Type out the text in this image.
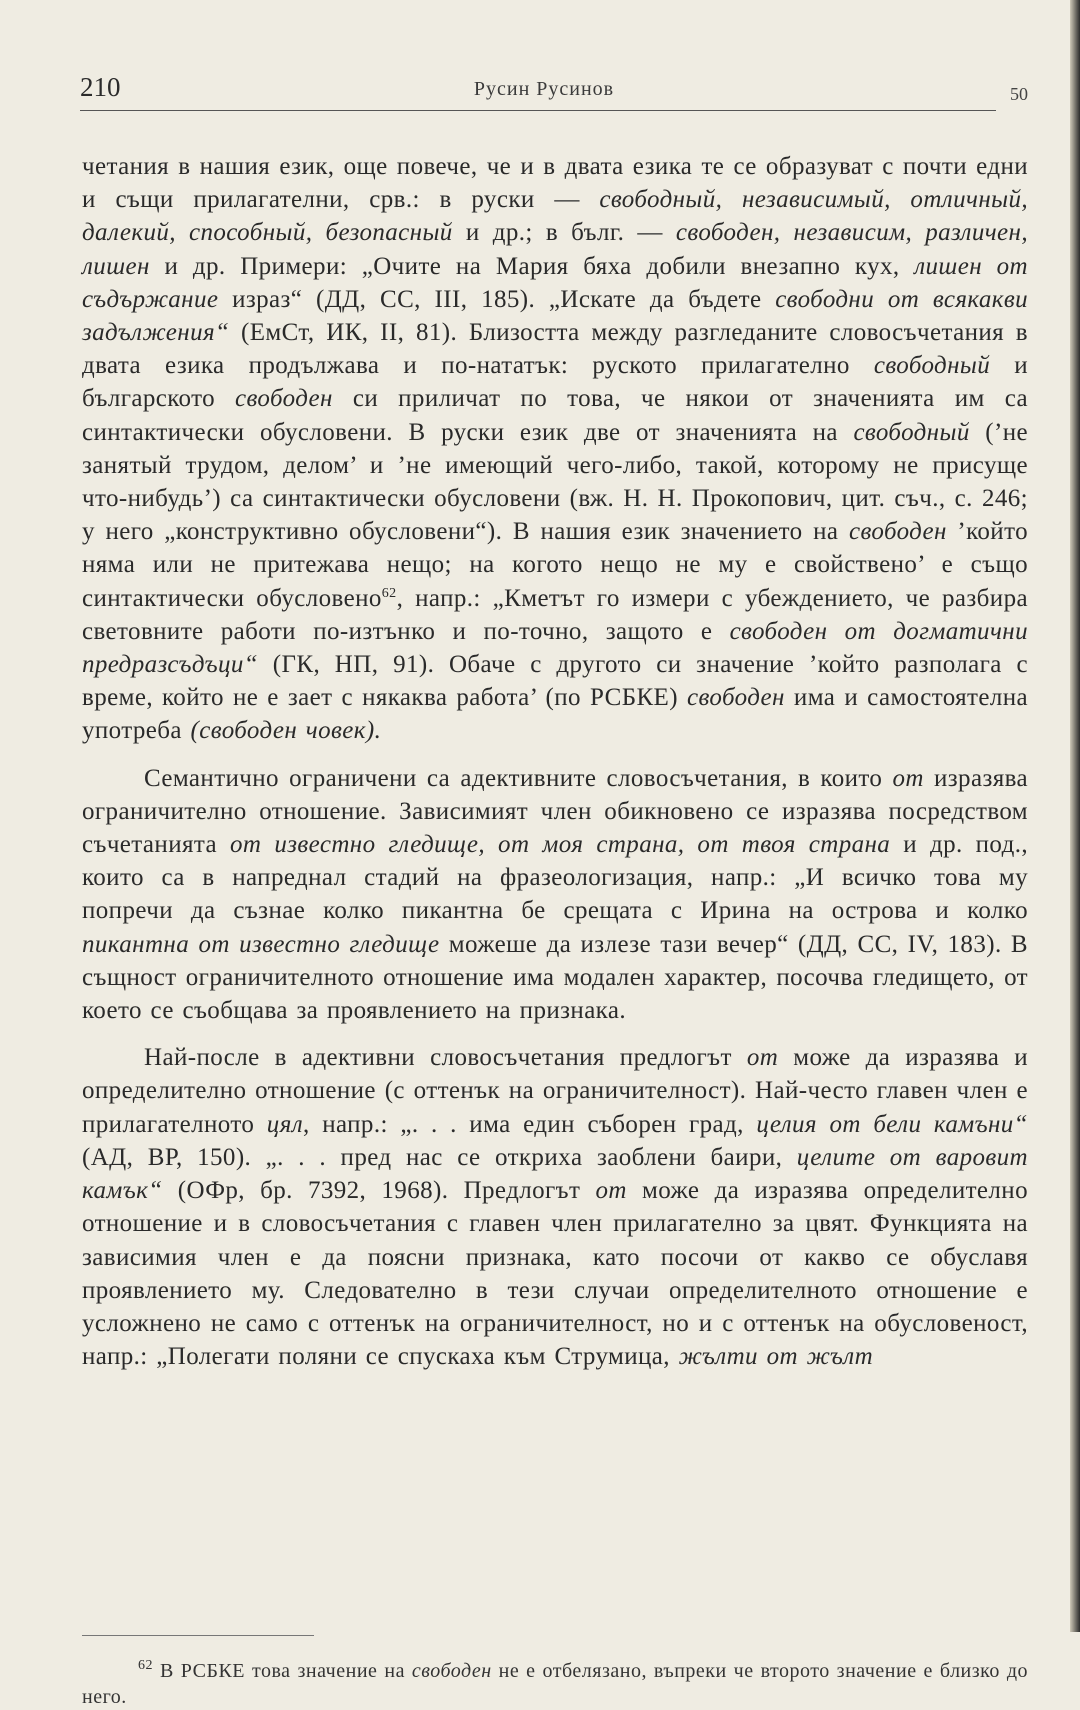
210	Русин Русинов	50

четания в нашия език, още повече, че и в двата езика те се образуват с почти едни и същи прилагателни, срв.: в руски — свободный, независимый, отличный, далекий, способный, безопасный и др.; в бълг. — свободен, независим, различен, лишен и др. Примери: „Очите на Мария бяха добили внезапно кух, лишен от съдържание израз“ (ДД, СС, III, 185). „Искате да бъдете свободни от всякакви задължения“ (ЕмСт, ИК, II, 81). Близостта между разгледаните словосъчетания в двата езика продължава и по-нататък: руското прилагателно свободный и българското свободен си приличат по това, че някои от значенията им са синтактически обусловени. В руски език две от значенията на свободный (’не занятый трудом, делом’ и ’не имеющий чего-либо, такой, которому не присуще что-нибудь’) са синтактически обусловени (вж. Н. Н. Прокопович, цит. съч., с. 246; у него „конструктивно обусловени“). В нашия език значението на свободен ’който няма или не притежава нещо; на когото нещо не му е свойствено’ е също синтактически обусловено$^{62}$, напр.: „Кметът го измери с убеждението, че разбира световните работи по-изтънко и по-точно, защото е свободен от догматични предразсъдъци“ (ГК, НП, 91). Обаче с другото си значение ’който разполага с време, който не е зает с някаква работа’ (по РСБКЕ) свободен има и самостоятелна употреба (свободен човек).

Семантично ограничени са адективните словосъчетания, в които от изразява ограничително отношение. Зависимият член обикновено се изразява посредством съчетанията от известно гледище, от моя страна, от твоя страна и др. под., които са в напреднал стадий на фразеологизация, напр.: „И всичко това му попречи да съзнае колко пикантна бе срещата с Ирина на острова и колко пикантна от известно гледище можеше да излезе тази вечер“ (ДД, СС, IV, 183). В същност ограничителното отношение има модален характер, посочва гледището, от което се съобщава за проявлението на признака.

Най-после в адективни словосъчетания предлогът от може да изразява и определително отношение (с оттенък на ограничителност). Най-често главен член е прилагателното цял, напр.: „. . . има един съборен град, целия от бели камъни“ (АД, ВР, 150). „. . . пред нас се открихa заоблени баири, целите от варовит камък“ (ОФр, бр. 7392, 1968). Предлогът от може да изразява определително отношение и в словосъчетания с главен член прилагателно за цвят. Функцията на зависимия член е да поясни признака, като посочи от какво се обуславя проявлението му. Следователно в тези случаи определителното отношение е усложнено не само с оттенък на ограничителност, но и с оттенък на обусловеност, напр.: „Полегати поляни се спускаха към Струмица, жълти от жълт

$^{62}$ В РСБКЕ това значение на свободен не е отбелязано, въпреки че второто значение е близко до него.
